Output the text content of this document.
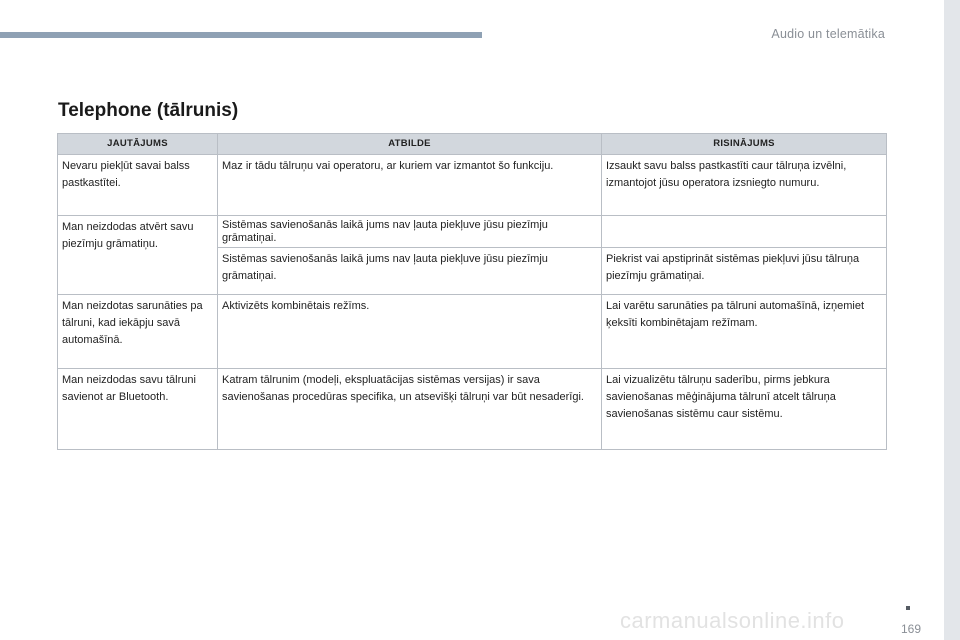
Audio un telemātika
Telephone (tālrunis)
JAUTĀJUMS	ATBILDE	RISINĀJUMS
Nevaru piekļūt savai balss pastkastītei.	Maz ir tādu tālruņu vai operatoru, ar kuriem var izmantot šo funkciju.	Izsaukt savu balss pastkastīti caur tālruņa izvēlni, izmantojot jūsu operatora izsniegto numuru.
Man neizdodas atvērt savu piezīmju grāmatiņu.	Sistēmas savienošanās laikā jums nav ļauta piekļuve jūsu piezīmju grāmatiņai.	
	Sistēmas savienošanās laikā jums nav ļauta piekļuve jūsu piezīmju grāmatiņai.	Piekrist vai apstiprināt sistēmas piekļuvi jūsu tālruņa piezīmju grāmatiņai.
Man neizdotas sarunāties pa tālruni, kad iekāpju savā automašīnā.	Aktivizēts kombinētais režīms.	Lai varētu sarunāties pa tālruni automašīnā, izņemiet ķeksīti kombinētajam režīmam.
Man neizdodas savu tālruni savienot ar Bluetooth.	Katram tālrunim (modeļi, ekspluatācijas sistēmas versijas) ir sava savienošanas procedūras specifika, un atsevišķi tālruņi var būt nesaderīgi.	Lai vizualizētu tālruņu saderību, pirms jebkura savienošanas mēģinājuma tālrunī atcelt tālruņa savienošanas sistēmu caur sistēmu.
carmanualsonline.info	169
